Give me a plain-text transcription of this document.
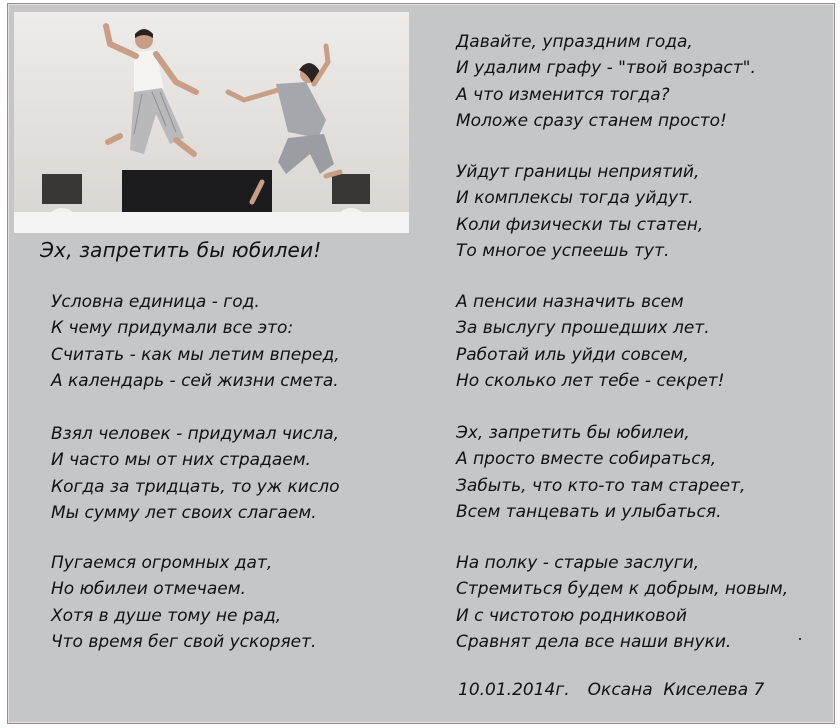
Эх, запретить бы юбилеи!
Условна единица - год.
К чему придумали все это:
Считать - как мы летим вперед,
А календарь - сей жизни смета.
Взял человек - придумал числа,
И часто мы от них страдаем.
Когда за тридцать, то уж кисло
Мы сумму лет своих слагаем.
Пугаемся огромных дат,
Но юбилеи отмечаем.
Хотя в душе тому не рад,
Что время бег свой ускоряет.
Давайте, упраздним года,
И удалим графу - "твой возраст".
А что изменится тогда?
Моложе сразу станем просто!
Уйдут границы неприятий,
И комплексы тогда уйдут.
Коли физически ты статен,
То многое успеешь тут.
А пенсии назначить всем
За выслугу прошедших лет.
Работай иль уйди совсем,
Но сколько лет тебе - секрет!
Эх, запретить бы юбилеи,
А просто вместе собираться,
Забыть, что кто-то там стареет,
Всем танцевать и улыбаться.
На полку - старые заслуги,
Стремиться будем к добрым, новым,
И с чистотою родниковой
Сравнят дела все наши внуки.
10.01.2014г. Оксана  Киселева 7
